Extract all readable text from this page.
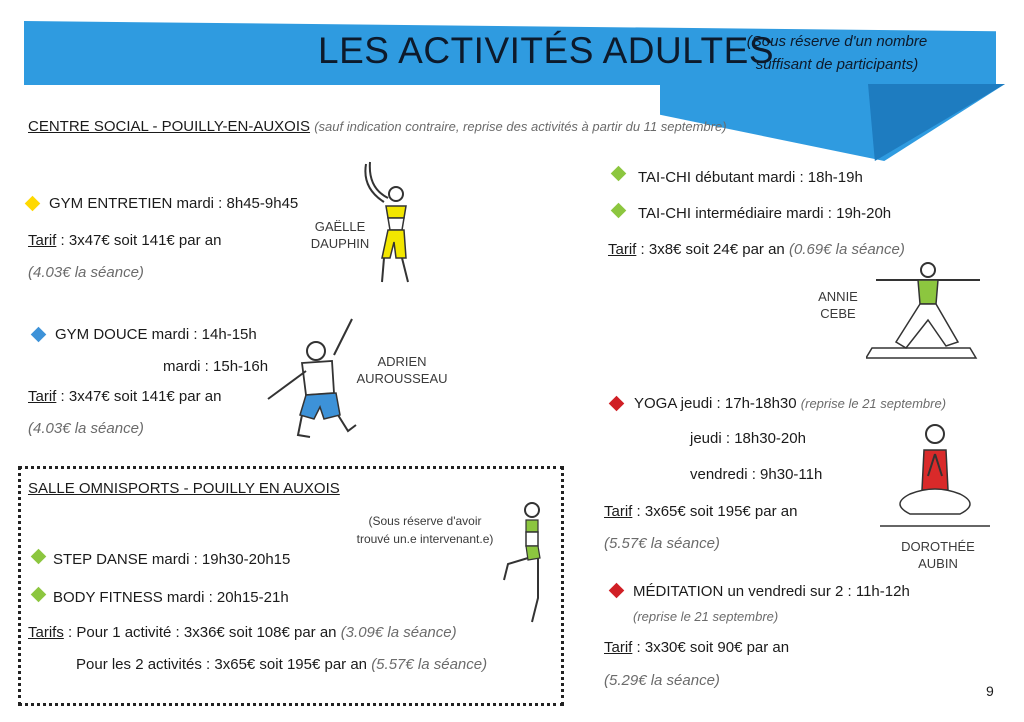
LES ACTIVITÉS ADULTES
(Sous réserve d'un nombre
suffisant de participants)
CENTRE SOCIAL - POUILLY-EN-AUXOIS (sauf indication contraire, reprise des activités à partir du 11 septembre)
GYM ENTRETIEN mardi : 8h45-9h45
Tarif : 3x47€ soit 141€ par an
(4.03€ la séance)
GAËLLE
DAUPHIN
GYM DOUCE mardi : 14h-15h
mardi : 15h-16h
Tarif : 3x47€ soit 141€ par an
(4.03€ la séance)
ADRIEN
AUROUSSEAU
SALLE OMNISPORTS - POUILLY EN AUXOIS
(Sous réserve d'avoir
trouvé un.e intervenant.e)
STEP DANSE mardi : 19h30-20h15
BODY FITNESS mardi : 20h15-21h
Tarifs : Pour 1 activité : 3x36€ soit 108€ par an (3.09€ la séance)
Pour les 2 activités : 3x65€ soit 195€ par an (5.57€ la séance)
TAI-CHI débutant mardi : 18h-19h
TAI-CHI intermédiaire mardi : 19h-20h
Tarif : 3x8€ soit 24€ par an (0.69€ la séance)
ANNIE
CEBE
YOGA jeudi : 17h-18h30 (reprise le 21 septembre)
jeudi : 18h30-20h
vendredi : 9h30-11h
Tarif : 3x65€ soit 195€ par an
(5.57€ la séance)	DOROTHÉE
AUBIN
MÉDITATION un vendredi sur 2 : 11h-12h
(reprise le 21 septembre)
Tarif : 3x30€ soit 90€ par an
(5.29€ la séance)
9
